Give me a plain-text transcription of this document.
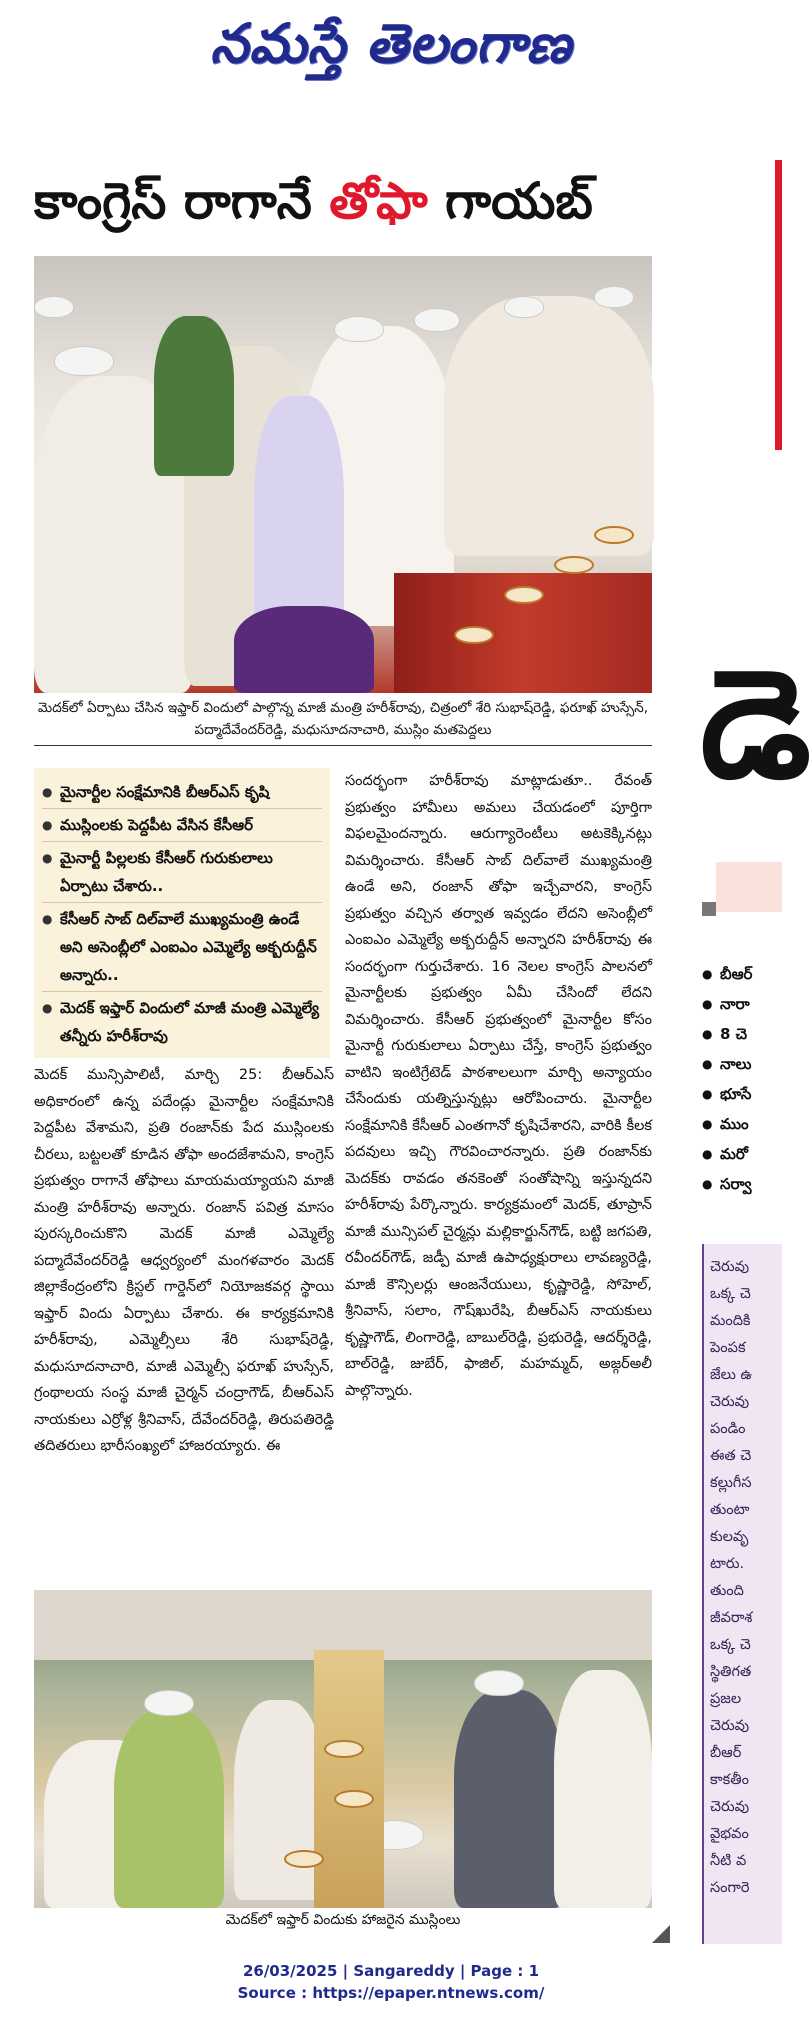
నమస్తే తెలంగాణ
కాంగ్రెస్ రాగానే తోఫా గాయబ్
మెదక్‌లో ఏర్పాటు చేసిన ఇఫ్తార్ విందులో పాల్గొన్న మాజీ మంత్రి హరీశ్‌రావు, చిత్రంలో శేరి సుభాష్‌రెడ్డి, ఫరూఖ్ హుస్సేన్, పద్మాదేవేందర్‌రెడ్డి, మధుసూదనాచారి, ముస్లిం మతపెద్దలు
● మైనార్టీల సంక్షేమానికి బీఆర్‌ఎస్ కృషి
● ముస్లింలకు పెద్దపీట వేసిన కేసీఆర్
● మైనార్టీ పిల్లలకు కేసీఆర్ గురుకులాలు ఏర్పాటు చేశారు..
● కేసీఆర్ సాబ్ దిల్‌వాలే ముఖ్యమంత్రి ఉండే అని అసెంబ్లీలో ఎంఐఎం ఎమ్మెల్యే అక్బరుద్దీన్ అన్నారు..
● మెదక్ ఇఫ్తార్ విందులో మాజీ మంత్రి ఎమ్మెల్యే తన్నీరు హరీశ్‌రావు
మెదక్ మున్సిపాలిటీ, మార్చి 25: బీఆర్‌ఎస్ అధికారంలో ఉన్న పదేండ్లు మైనార్టీల సంక్షేమానికి పెద్దపీట వేశామని, ప్రతి రంజాన్‌కు పేద ముస్లింలకు చీరలు, బట్టలతో కూడిన తోఫా అందజేశామని, కాంగ్రెస్ ప్రభుత్వం రాగానే తోఫాలు మాయమయ్యాయని మాజీ మంత్రి హరీశ్‌రావు అన్నారు. రంజాన్ పవిత్ర మాసం పురస్కరించుకొని మెదక్ మాజీ ఎమ్మెల్యే పద్మాదేవేందర్‌రెడ్డి ఆధ్వర్యంలో మంగళవారం మెదక్ జిల్లాకేంద్రంలోని క్రిస్టల్ గార్డెన్‌లో నియోజకవర్గ స్థాయి ఇఫ్తార్ విందు ఏర్పాటు చేశారు. ఈ కార్యక్రమానికి హరీశ్‌రావు, ఎమ్మెల్సీలు శేరి సుభాష్‌రెడ్డి, మధుసూదనాచారి, మాజీ ఎమ్మెల్సీ ఫరూఖ్ హుస్సేన్, గ్రంథాలయ సంస్థ మాజీ చైర్మన్ చంద్రాగౌడ్, బీఆర్‌ఎస్ నాయకులు ఎర్రోళ్ల శ్రీనివాస్, దేవేందర్‌రెడ్డి, తిరుపతిరెడ్డి తదితరులు భారీసంఖ్యలో హాజరయ్యారు. ఈ
సందర్భంగా హరీశ్‌రావు మాట్లాడుతూ.. రేవంత్ ప్రభుత్వం హామీలు అమలు చేయడంలో పూర్తిగా విఫలమైందన్నారు. ఆరుగ్యారెంటీలు అటకెక్కినట్లు విమర్శించారు. కేసీఆర్ సాబ్ దిల్‌వాలే ముఖ్యమంత్రి ఉండే అని, రంజాన్ తోఫా ఇచ్చేవారని, కాంగ్రెస్ ప్రభుత్వం వచ్చిన తర్వాత ఇవ్వడం లేదని అసెంబ్లీలో ఎంఐఎం ఎమ్మెల్యే అక్బరుద్దీన్ అన్నారని హరీశ్‌రావు ఈ సందర్భంగా గుర్తుచేశారు. 16 నెలల కాంగ్రెస్ పాలనలో మైనార్టీలకు ప్రభుత్వం ఏమీ చేసిందో లేదని విమర్శించారు. కేసీఆర్ ప్రభుత్వంలో మైనార్టీల కోసం మైనార్టీ గురుకులాలు ఏర్పాటు చేస్తే, కాంగ్రెస్ ప్రభుత్వం వాటిని ఇంటిగ్రేటెడ్ పాఠశాలలుగా మార్చి అన్యాయం చేసేందుకు యత్నిస్తున్నట్లు ఆరోపించారు. మైనార్టీల సంక్షేమానికి కేసీఆర్ ఎంతగానో కృషిచేశారని, వారికి కీలక పదవులు ఇచ్చి గౌరవించారన్నారు. ప్రతి రంజాన్‌కు మెదక్‌కు రావడం తనకెంతో సంతోషాన్ని ఇస్తున్నదని హరీశ్‌రావు పేర్కొన్నారు. కార్యక్రమంలో మెదక్, తూప్రాన్ మాజీ మున్సిపల్ చైర్మన్లు మల్లికార్జున్‌గౌడ్, బట్టి జగపతి, రవీందర్‌గౌడ్, జడ్పీ మాజీ ఉపాధ్యక్షురాలు లావణ్యరెడ్డి, మాజీ కౌన్సిలర్లు ఆంజనేయులు, కృష్ణారెడ్డి, సోహెల్, శ్రీనివాస్, సలాం, గౌష్‌ఖురేషి, బీఆర్‌ఎస్ నాయకులు కృష్ణాగౌడ్, లింగారెడ్డి, బాబుల్‌రెడ్డి, ప్రభురెడ్డి, ఆదర్శ్‌రెడ్డి, బాల్‌రెడ్డి, జుబేర్, ఫాజిల్, మహమ్మద్, అజ్గర్‌అలీ పాల్గొన్నారు.
మెదక్‌లో ఇఫ్తార్ విందుకు హాజరైన ముస్లింలు
26/03/2025 | Sangareddy | Page : 1
Source : https://epaper.ntnews.com/
డె
● బీఆర్
● నారా
● 8 చె
● నాలు
● భూసే
● ముం
● మరో
● సర్వా
చెరువు
ఒక్క చె
మందికి
పెంపక
జేలు ఉ
చెరువు
పండిం
ఈత చె
కల్లుగీస
తుంటా
కులవృ
టారు.
తుంది
జీవరాశ
ఒక్క చె
స్థితిగత
ప్రజల
చెరువు
బీఆర్
కాకతీం
చెరువు
వైభవం
నీటి వ
సంగారె
